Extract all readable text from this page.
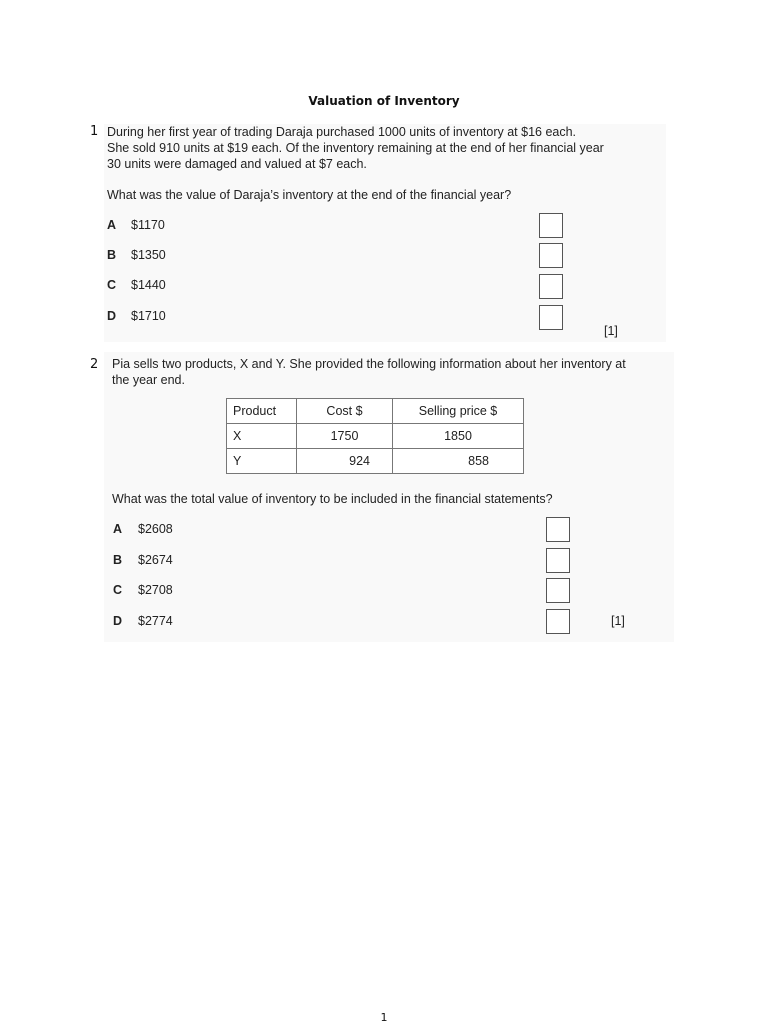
Valuation of Inventory
1 During her first year of trading Daraja purchased 1000 units of inventory at $16 each.
She sold 910 units at $19 each. Of the inventory remaining at the end of her financial year
30 units were damaged and valued at $7 each.
What was the value of Daraja’s inventory at the end of the financial year?
A $1170
B $1350
C $1440
D $1710
[1]
2 Pia sells two products, X and Y. She provided the following information about her inventory at
the year end.
Product	Cost $	Selling price $
X	1750	1850
Y	924	858
What was the total value of inventory to be included in the financial statements?
A $2608
B $2674
C $2708
D $2774	[1]
1
